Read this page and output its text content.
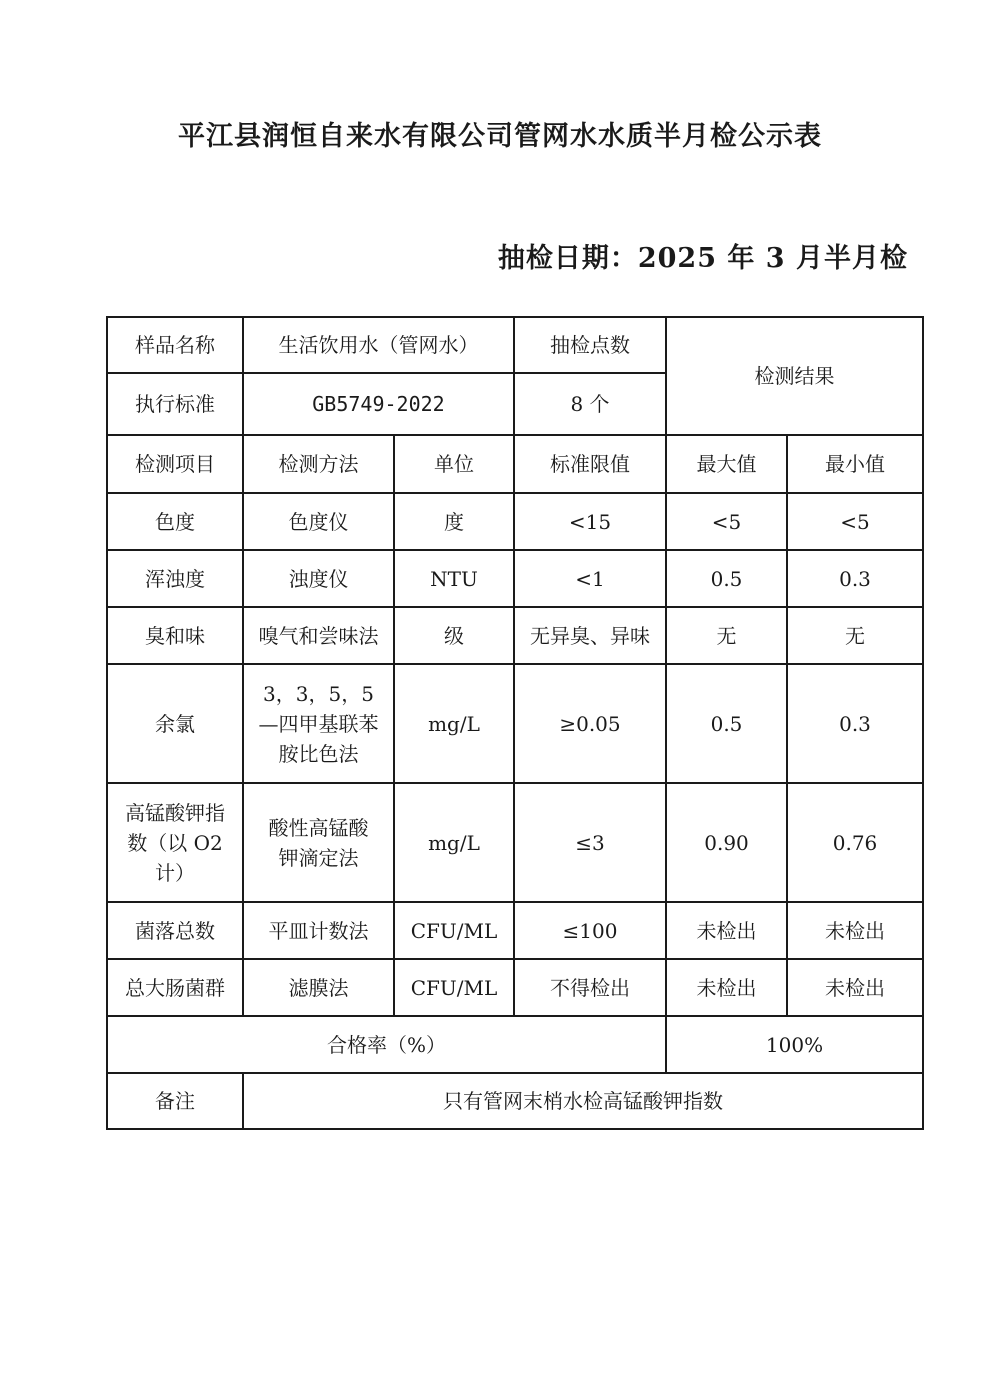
平江县润恒自来水有限公司管网水水质半月检公示表
抽检日期：2025 年 3 月半月检
样品名称	生活饮用水（管网水）		抽检点数	检测结果	
执行标准	GB5749-2022		8 个		
检测项目	检测方法	单位	标准限值	最大值	最小值
色度	色度仪	度	<15	<5	<5
浑浊度	浊度仪	NTU	<1	0.5	0.3
臭和味	嗅气和尝味法	级	无异臭、异味	无	无
余氯	3，3，5，5—四甲基联苯胺比色法	mg/L	≥0.05	0.5	0.3
高锰酸钾指数（以 O2 计）	酸性高锰酸钾滴定法	mg/L	≤3	0.90	0.76
菌落总数	平皿计数法	CFU/ML	≤100	未检出	未检出
总大肠菌群	滤膜法	CFU/ML	不得检出	未检出	未检出
合格率（%）				100%	
备注	只有管网末梢水检高锰酸钾指数				
